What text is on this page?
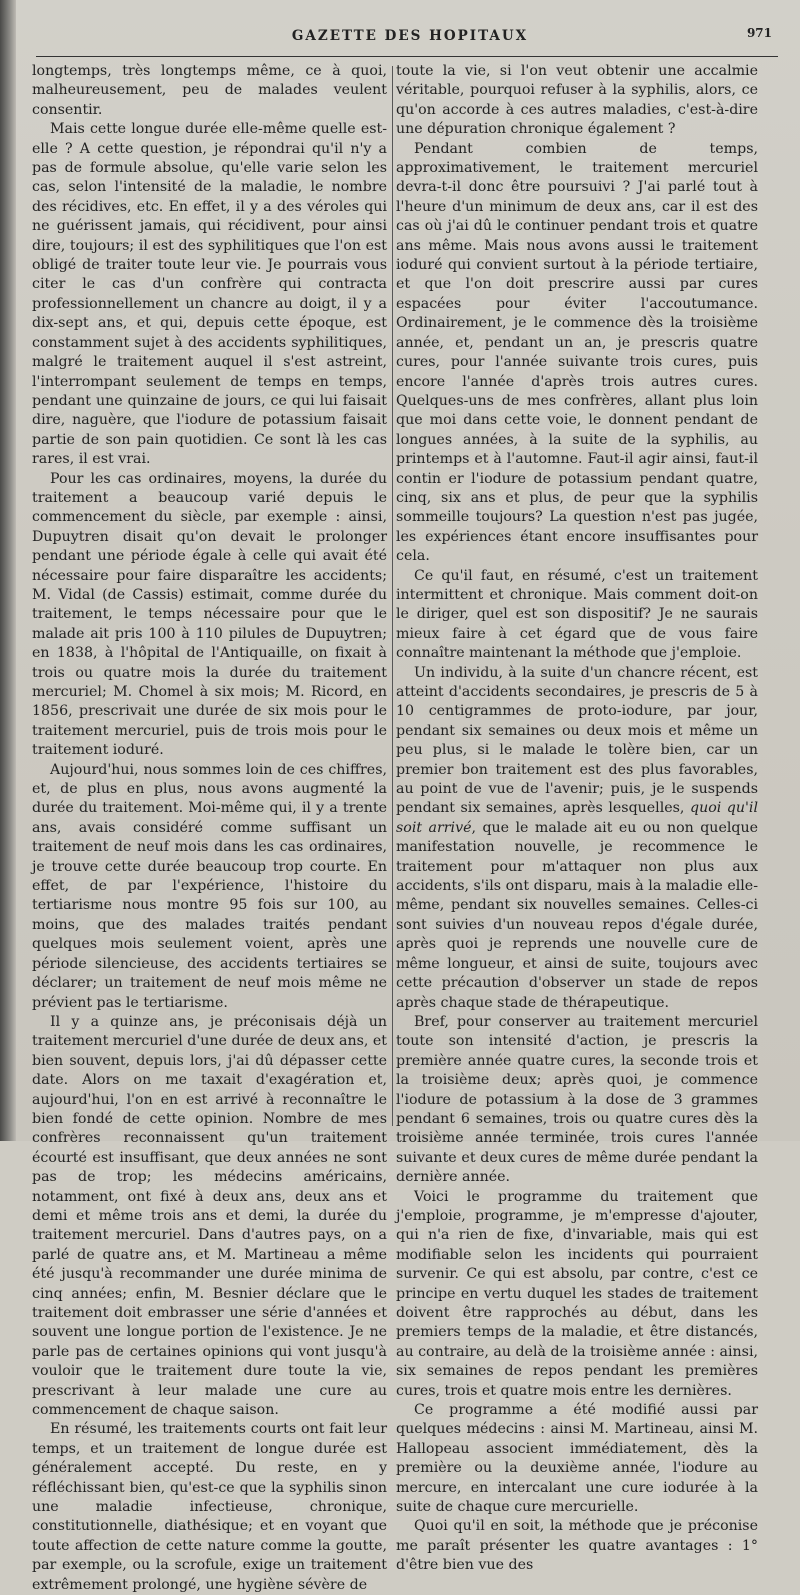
GAZETTE DES HOPITAUX	971

longtemps, très longtemps même, ce à quoi, malheureusement, peu de malades veulent consentir.

Mais cette longue durée elle-même quelle est-elle ? A cette question, je répondrai qu'il n'y a pas de formule absolue, qu'elle varie selon les cas, selon l'intensité de la maladie, le nombre des récidives, etc. En effet, il y a des véroles qui ne guérissent jamais, qui récidivent, pour ainsi dire, toujours; il est des syphilitiques que l'on est obligé de traiter toute leur vie. Je pourrais vous citer le cas d'un confrère qui contracta professionnellement un chancre au doigt, il y a dix-sept ans, et qui, depuis cette époque, est constamment sujet à des accidents syphilitiques, malgré le traitement auquel il s'est astreint, l'interrompant seulement de temps en temps, pendant une quinzaine de jours, ce qui lui faisait dire, naguère, que l'iodure de potassium faisait partie de son pain quotidien. Ce sont là les cas rares, il est vrai.

Pour les cas ordinaires, moyens, la durée du traitement a beaucoup varié depuis le commencement du siècle, par exemple : ainsi, Dupuytren disait qu'on devait le prolonger pendant une période égale à celle qui avait été nécessaire pour faire disparaître les accidents; M. Vidal (de Cassis) estimait, comme durée du traitement, le temps nécessaire pour que le malade ait pris 100 à 110 pilules de Dupuytren; en 1838, à l'hôpital de l'Antiquaille, on fixait à trois ou quatre mois la durée du traitement mercuriel; M. Chomel à six mois; M. Ricord, en 1856, prescrivait une durée de six mois pour le traitement mercuriel, puis de trois mois pour le traitement ioduré.

Aujourd'hui, nous sommes loin de ces chiffres, et, de plus en plus, nous avons augmenté la durée du traitement. Moi-même qui, il y a trente ans, avais considéré comme suffisant un traitement de neuf mois dans les cas ordinaires, je trouve cette durée beaucoup trop courte. En effet, de par l'expérience, l'histoire du tertiarisme nous montre 95 fois sur 100, au moins, que des malades traités pendant quelques mois seulement voient, après une période silencieuse, des accidents tertiaires se déclarer; un traitement de neuf mois même ne prévient pas le tertiarisme.

Il y a quinze ans, je préconisais déjà un traitement mercuriel d'une durée de deux ans, et bien souvent, depuis lors, j'ai dû dépasser cette date. Alors on me taxait d'exagération et, aujourd'hui, l'on en est arrivé à reconnaître le bien fondé de cette opinion. Nombre de mes confrères reconnaissent qu'un traitement écourté est insuffisant, que deux années ne sont pas de trop; les médecins américains, notamment, ont fixé à deux ans, deux ans et demi et même trois ans et demi, la durée du traitement mercuriel. Dans d'autres pays, on a parlé de quatre ans, et M. Martineau a même été jusqu'à recommander une durée minima de cinq années; enfin, M. Besnier déclare que le traitement doit embrasser une série d'années et souvent une longue portion de l'existence. Je ne parle pas de certaines opinions qui vont jusqu'à vouloir que le traitement dure toute la vie, prescrivant à leur malade une cure au commencement de chaque saison.

En résumé, les traitements courts ont fait leur temps, et un traitement de longue durée est généralement accepté. Du reste, en y réfléchissant bien, qu'est-ce que la syphilis sinon une maladie infectieuse, chronique, constitutionnelle, diathésique; et en voyant que toute affection de cette nature comme la goutte, par exemple, ou la scrofule, exige un traitement extrêmement prolongé, une hygiène sévère de

toute la vie, si l'on veut obtenir une accalmie véritable, pourquoi refuser à la syphilis, alors, ce qu'on accorde à ces autres maladies, c'est-à-dire une dépuration chronique également ?

Pendant combien de temps, approximativement, le traitement mercuriel devra-t-il donc être poursuivi ? J'ai parlé tout à l'heure d'un minimum de deux ans, car il est des cas où j'ai dû le continuer pendant trois et quatre ans même. Mais nous avons aussi le traitement ioduré qui convient surtout à la période tertiaire, et que l'on doit prescrire aussi par cures espacées pour éviter l'accoutumance. Ordinairement, je le commence dès la troisième année, et, pendant un an, je prescris quatre cures, pour l'année suivante trois cures, puis encore l'année d'après trois autres cures. Quelques-uns de mes confrères, allant plus loin que moi dans cette voie, le donnent pendant de longues années, à la suite de la syphilis, au printemps et à l'automne. Faut-il agir ainsi, faut-il contin er l'iodure de potassium pendant quatre, cinq, six ans et plus, de peur que la syphilis sommeille toujours? La question n'est pas jugée, les expériences étant encore insuffisantes pour cela.

Ce qu'il faut, en résumé, c'est un traitement intermittent et chronique. Mais comment doit-on le diriger, quel est son dispositif? Je ne saurais mieux faire à cet égard que de vous faire connaître maintenant la méthode que j'emploie.

Un individu, à la suite d'un chancre récent, est atteint d'accidents secondaires, je prescris de 5 à 10 centigrammes de proto-iodure, par jour, pendant six semaines ou deux mois et même un peu plus, si le malade le tolère bien, car un premier bon traitement est des plus favorables, au point de vue de l'avenir; puis, je le suspends pendant six semaines, après lesquelles, quoi qu'il soit arrivé, que le malade ait eu ou non quelque manifestation nouvelle, je recommence le traitement pour m'attaquer non plus aux accidents, s'ils ont disparu, mais à la maladie elle-même, pendant six nouvelles semaines. Celles-ci sont suivies d'un nouveau repos d'égale durée, après quoi je reprends une nouvelle cure de même longueur, et ainsi de suite, toujours avec cette précaution d'observer un stade de repos après chaque stade de thérapeutique.

Bref, pour conserver au traitement mercuriel toute son intensité d'action, je prescris la première année quatre cures, la seconde trois et la troisième deux; après quoi, je commence l'iodure de potassium à la dose de 3 grammes pendant 6 semaines, trois ou quatre cures dès la troisième année terminée, trois cures l'année suivante et deux cures de même durée pendant la dernière année.

Voici le programme du traitement que j'emploie, programme, je m'empresse d'ajouter, qui n'a rien de fixe, d'invariable, mais qui est modifiable selon les incidents qui pourraient survenir. Ce qui est absolu, par contre, c'est ce principe en vertu duquel les stades de traitement doivent être rapprochés au début, dans les premiers temps de la maladie, et être distancés, au contraire, au delà de la troisième année : ainsi, six semaines de repos pendant les premières cures, trois et quatre mois entre les dernières.

Ce programme a été modifié aussi par quelques médecins : ainsi M. Martineau, ainsi M. Hallopeau associent immédiatement, dès la première ou la deuxième année, l'iodure au mercure, en intercalant une cure iodurée à la suite de chaque cure mercurielle.

Quoi qu'il en soit, la méthode que je préconise me paraît présenter les quatre avantages : 1° d'être bien vue des
